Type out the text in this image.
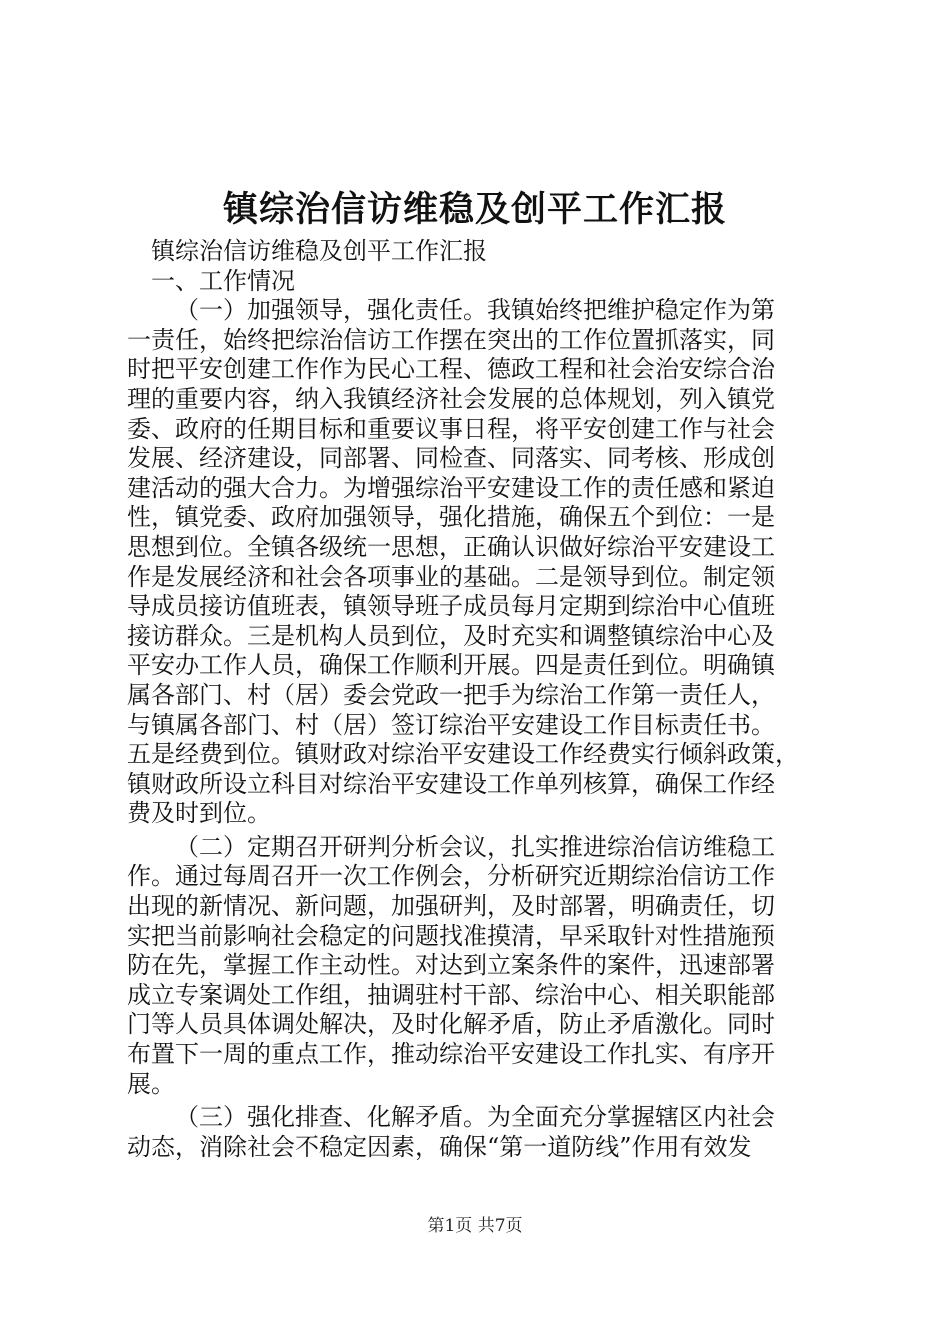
镇综治信访维稳及创平工作汇报

镇综治信访维稳及创平工作汇报

一、工作情况

（一）加强领导，强化责任。我镇始终把维护稳定作为第

一责任，始终把综治信访工作摆在突出的工作位置抓落实，同

时把平安创建工作作为民心工程、德政工程和社会治安综合治

理的重要内容，纳入我镇经济社会发展的总体规划，列入镇党

委、政府的任期目标和重要议事日程，将平安创建工作与社会

发展、经济建设，同部署、同检查、同落实、同考核、形成创

建活动的强大合力。为增强综治平安建设工作的责任感和紧迫

性，镇党委、政府加强领导，强化措施，确保五个到位：一是

思想到位。全镇各级统一思想，正确认识做好综治平安建设工

作是发展经济和社会各项事业的基础。二是领导到位。制定领

导成员接访值班表，镇领导班子成员每月定期到综治中心值班

接访群众。三是机构人员到位，及时充实和调整镇综治中心及

平安办工作人员，确保工作顺利开展。四是责任到位。明确镇

属各部门、村（居）委会党政一把手为综治工作第一责任人，

与镇属各部门、村（居）签订综治平安建设工作目标责任书。

五是经费到位。镇财政对综治平安建设工作经费实行倾斜政策，

镇财政所设立科目对综治平安建设工作单列核算，确保工作经

费及时到位。

（二）定期召开研判分析会议，扎实推进综治信访维稳工

作。通过每周召开一次工作例会，分析研究近期综治信访工作

出现的新情况、新问题，加强研判，及时部署，明确责任，切

实把当前影响社会稳定的问题找准摸清，早采取针对性措施预

防在先，掌握工作主动性。对达到立案条件的案件，迅速部署

成立专案调处工作组，抽调驻村干部、综治中心、相关职能部

门等人员具体调处解决，及时化解矛盾，防止矛盾激化。同时

布置下一周的重点工作，推动综治平安建设工作扎实、有序开

展。

（三）强化排查、化解矛盾。为全面充分掌握辖区内社会

动态，消除社会不稳定因素，确保“第一道防线”作用有效发

第1页 共7页
